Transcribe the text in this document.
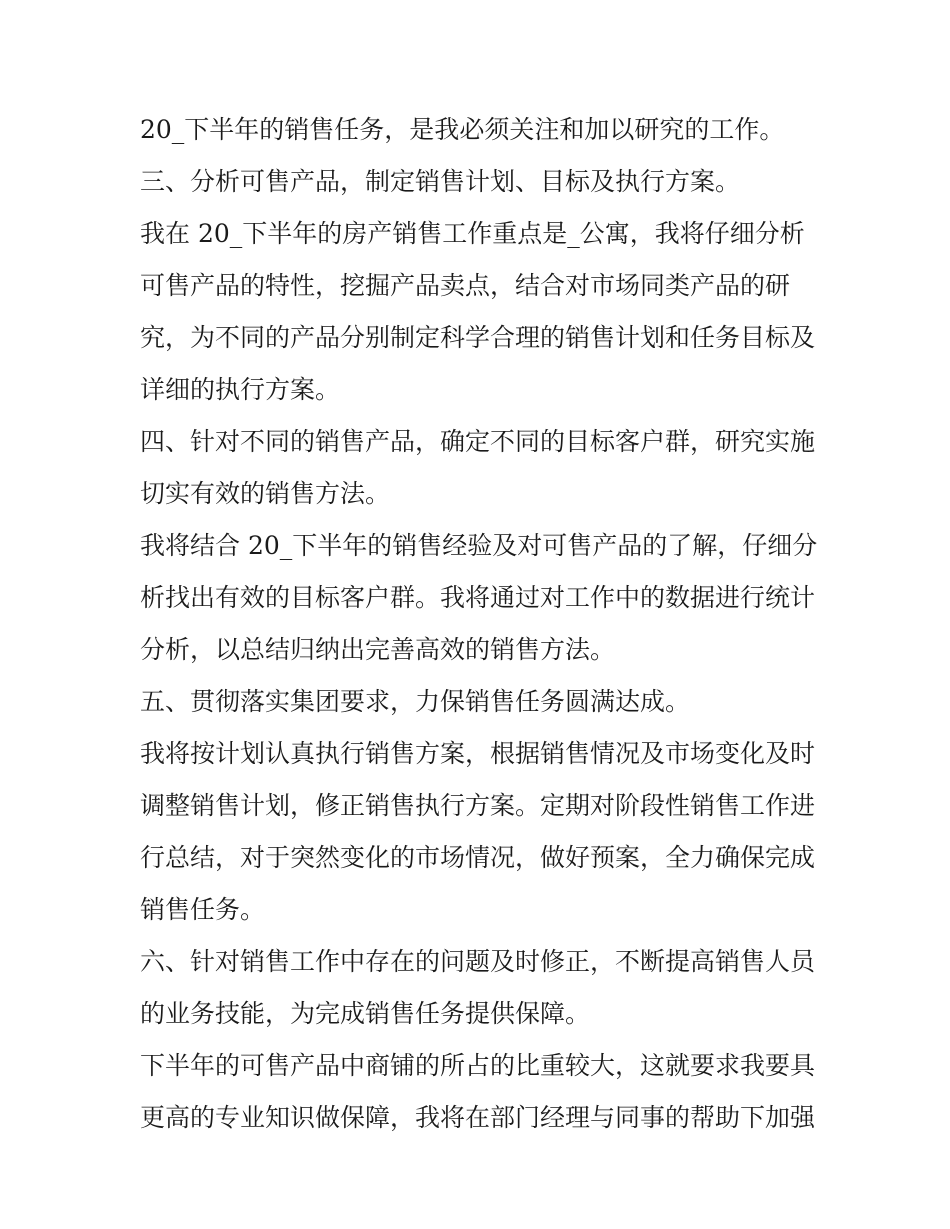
20_下半年的销售任务，是我必须关注和加以研究的工作。
三、分析可售产品，制定销售计划、目标及执行方案。
我在 20_下半年的房产销售工作重点是_公寓，我将仔细分析
可售产品的特性，挖掘产品卖点，结合对市场同类产品的研
究，为不同的产品分别制定科学合理的销售计划和任务目标及
详细的执行方案。
四、针对不同的销售产品，确定不同的目标客户群，研究实施
切实有效的销售方法。
我将结合 20_下半年的销售经验及对可售产品的了解，仔细分
析找出有效的目标客户群。我将通过对工作中的数据进行统计
分析，以总结归纳出完善高效的销售方法。
五、贯彻落实集团要求，力保销售任务圆满达成。
我将按计划认真执行销售方案，根据销售情况及市场变化及时
调整销售计划，修正销售执行方案。定期对阶段性销售工作进
行总结，对于突然变化的市场情况，做好预案，全力确保完成
销售任务。
六、针对销售工作中存在的问题及时修正，不断提高销售人员
的业务技能，为完成销售任务提供保障。
下半年的可售产品中商铺的所占的比重较大，这就要求我要具
更高的专业知识做保障，我将在部门经理与同事的帮助下加强
